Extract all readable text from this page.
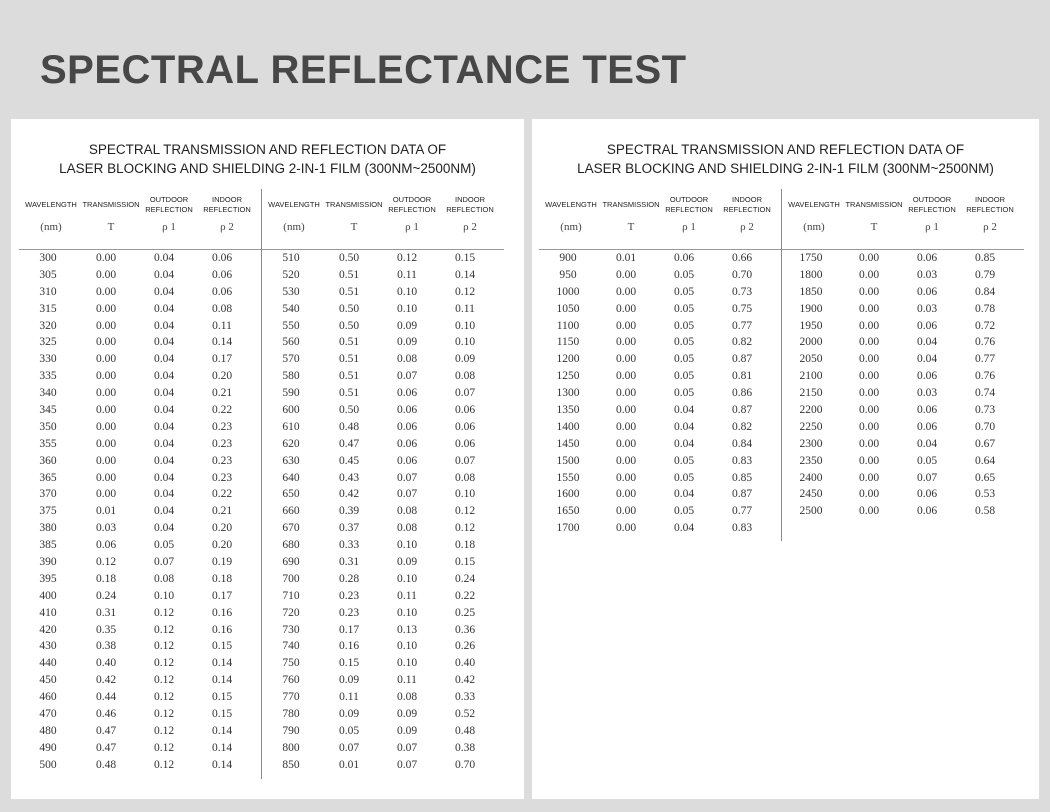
SPECTRAL REFLECTANCE TEST
SPECTRAL TRANSMISSION AND REFLECTION DATA OF
LASER BLOCKING AND SHIELDING 2-IN-1 FILM (300NM~2500NM)
WAVELENGTH
(nm)
TRANSMISSION
T
OUTDOOR REFLECTION
ρ 1
INDOOR REFLECTION
ρ 2
300	0.00	0.04	0.06
305	0.00	0.04	0.06
310	0.00	0.04	0.06
315	0.00	0.04	0.08
320	0.00	0.04	0.11
325	0.00	0.04	0.14
330	0.00	0.04	0.17
335	0.00	0.04	0.20
340	0.00	0.04	0.21
345	0.00	0.04	0.22
350	0.00	0.04	0.23
355	0.00	0.04	0.23
360	0.00	0.04	0.23
365	0.00	0.04	0.23
370	0.00	0.04	0.22
375	0.01	0.04	0.21
380	0.03	0.04	0.20
385	0.06	0.05	0.20
390	0.12	0.07	0.19
395	0.18	0.08	0.18
400	0.24	0.10	0.17
410	0.31	0.12	0.16
420	0.35	0.12	0.16
430	0.38	0.12	0.15
440	0.40	0.12	0.14
450	0.42	0.12	0.14
460	0.44	0.12	0.15
470	0.46	0.12	0.15
480	0.47	0.12	0.14
490	0.47	0.12	0.14
500	0.48	0.12	0.14
WAVELENGTH
(nm)
TRANSMISSION
T
OUTDOOR REFLECTION
ρ 1
INDOOR REFLECTION
ρ 2
510	0.50	0.12	0.15
520	0.51	0.11	0.14
530	0.51	0.10	0.12
540	0.50	0.10	0.11
550	0.50	0.09	0.10
560	0.51	0.09	0.10
570	0.51	0.08	0.09
580	0.51	0.07	0.08
590	0.51	0.06	0.07
600	0.50	0.06	0.06
610	0.48	0.06	0.06
620	0.47	0.06	0.06
630	0.45	0.06	0.07
640	0.43	0.07	0.08
650	0.42	0.07	0.10
660	0.39	0.08	0.12
670	0.37	0.08	0.12
680	0.33	0.10	0.18
690	0.31	0.09	0.15
700	0.28	0.10	0.24
710	0.23	0.11	0.22
720	0.23	0.10	0.25
730	0.17	0.13	0.36
740	0.16	0.10	0.26
750	0.15	0.10	0.40
760	0.09	0.11	0.42
770	0.11	0.08	0.33
780	0.09	0.09	0.52
790	0.05	0.09	0.48
800	0.07	0.07	0.38
850	0.01	0.07	0.70
SPECTRAL TRANSMISSION AND REFLECTION DATA OF
LASER BLOCKING AND SHIELDING 2-IN-1 FILM (300NM~2500NM)
WAVELENGTH
(nm)
TRANSMISSION
T
OUTDOOR REFLECTION
ρ 1
INDOOR REFLECTION
ρ 2
900	0.01	0.06	0.66
950	0.00	0.05	0.70
1000	0.00	0.05	0.73
1050	0.00	0.05	0.75
1100	0.00	0.05	0.77
1150	0.00	0.05	0.82
1200	0.00	0.05	0.87
1250	0.00	0.05	0.81
1300	0.00	0.05	0.86
1350	0.00	0.04	0.87
1400	0.00	0.04	0.82
1450	0.00	0.04	0.84
1500	0.00	0.05	0.83
1550	0.00	0.05	0.85
1600	0.00	0.04	0.87
1650	0.00	0.05	0.77
1700	0.00	0.04	0.83
WAVELENGTH
(nm)
TRANSMISSION
T
OUTDOOR REFLECTION
ρ 1
INDOOR REFLECTION
ρ 2
1750	0.00	0.06	0.85
1800	0.00	0.03	0.79
1850	0.00	0.06	0.84
1900	0.00	0.03	0.78
1950	0.00	0.06	0.72
2000	0.00	0.04	0.76
2050	0.00	0.04	0.77
2100	0.00	0.06	0.76
2150	0.00	0.03	0.74
2200	0.00	0.06	0.73
2250	0.00	0.06	0.70
2300	0.00	0.04	0.67
2350	0.00	0.05	0.64
2400	0.00	0.07	0.65
2450	0.00	0.06	0.53
2500	0.00	0.06	0.58
